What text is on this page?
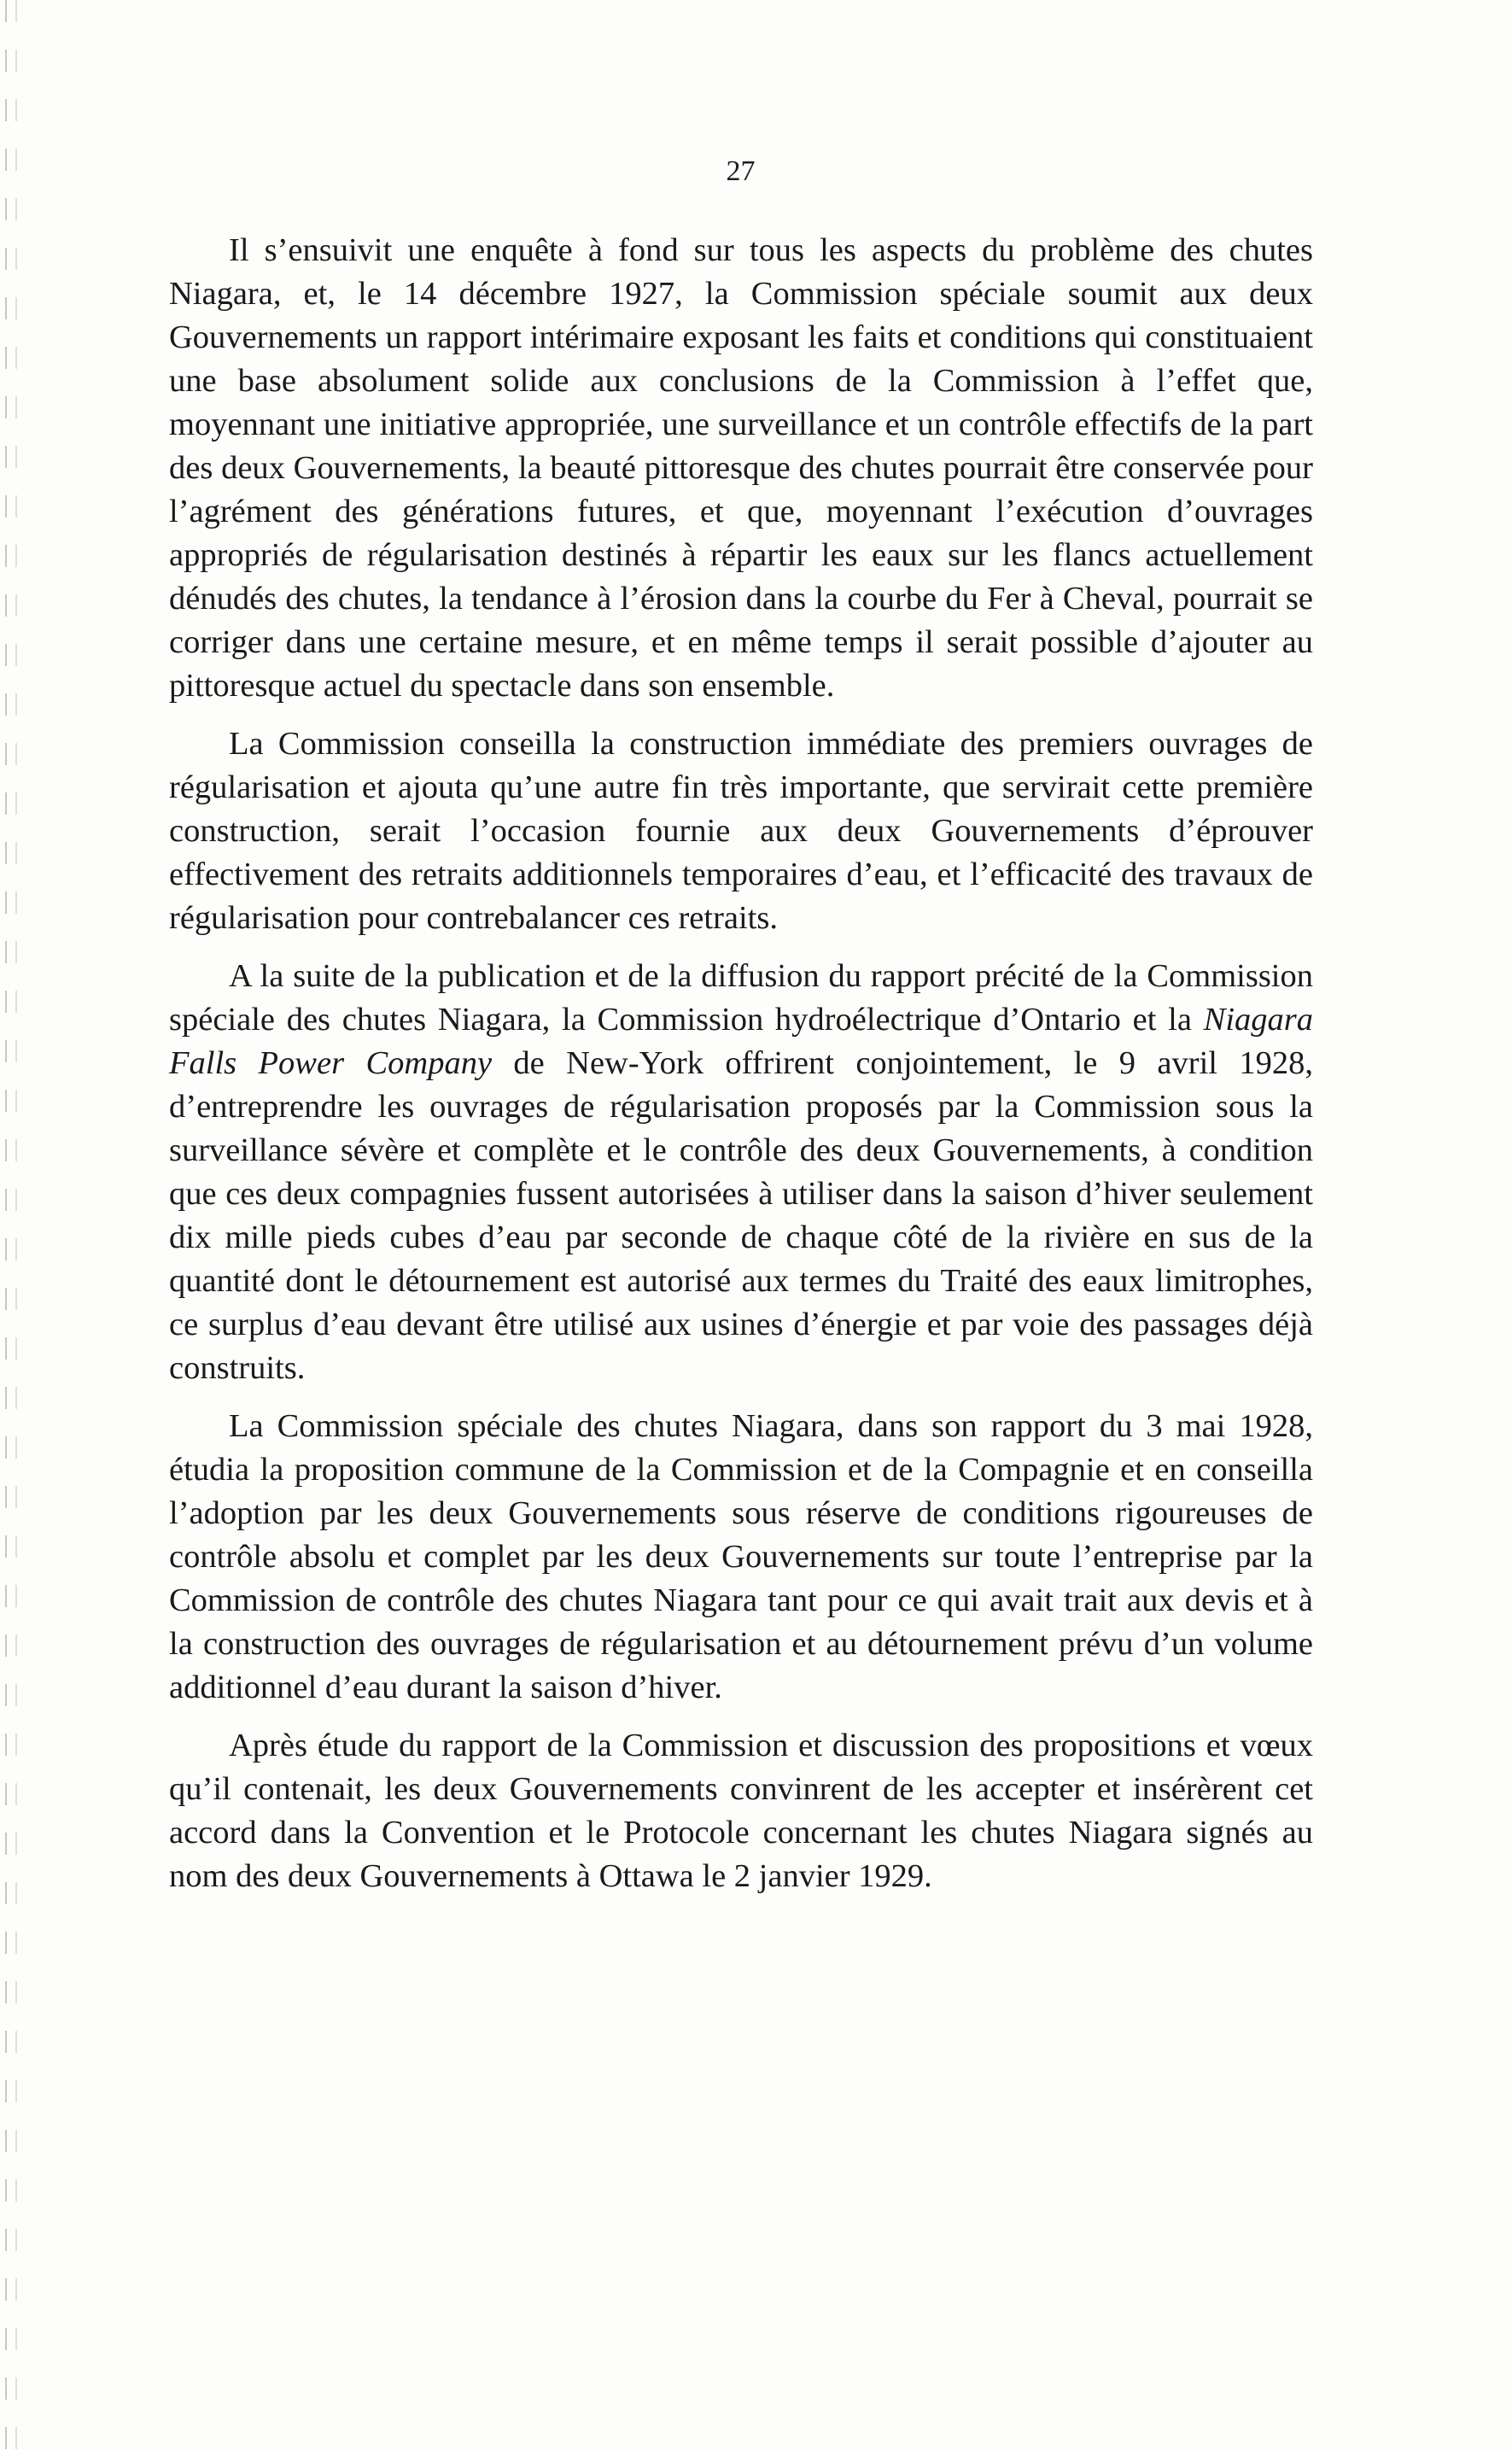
27

Il s’ensuivit une enquête à fond sur tous les aspects du problème des chutes Niagara, et, le 14 décembre 1927, la Commission spéciale soumit aux deux Gouvernements un rapport intérimaire exposant les faits et conditions qui constituaient une base absolument solide aux conclusions de la Commission à l’effet que, moyennant une initiative appropriée, une surveillance et un contrôle effectifs de la part des deux Gouvernements, la beauté pittoresque des chutes pourrait être conservée pour l’agrément des générations futures, et que, moyennant l’exécution d’ouvrages appropriés de régularisation destinés à répartir les eaux sur les flancs actuellement dénudés des chutes, la tendance à l’érosion dans la courbe du Fer à Cheval, pourrait se corriger dans une certaine mesure, et en même temps il serait possible d’ajouter au pittoresque actuel du spectacle dans son ensemble.

La Commission conseilla la construction immédiate des premiers ouvrages de régularisation et ajouta qu’une autre fin très importante, que servirait cette première construction, serait l’occasion fournie aux deux Gouvernements d’éprouver effectivement des retraits additionnels temporaires d’eau, et l’efficacité des travaux de régularisation pour contrebalancer ces retraits.

A la suite de la publication et de la diffusion du rapport précité de la Commission spéciale des chutes Niagara, la Commission hydroélectrique d’Ontario et la Niagara Falls Power Company de New-York offrirent conjointement, le 9 avril 1928, d’entreprendre les ouvrages de régularisation proposés par la Commission sous la surveillance sévère et complète et le contrôle des deux Gouvernements, à condition que ces deux compagnies fussent autorisées à utiliser dans la saison d’hiver seulement dix mille pieds cubes d’eau par seconde de chaque côté de la rivière en sus de la quantité dont le détournement est autorisé aux termes du Traité des eaux limitrophes, ce surplus d’eau devant être utilisé aux usines d’énergie et par voie des passages déjà construits.

La Commission spéciale des chutes Niagara, dans son rapport du 3 mai 1928, étudia la proposition commune de la Commission et de la Compagnie et en conseilla l’adoption par les deux Gouvernements sous réserve de conditions rigoureuses de contrôle absolu et complet par les deux Gouvernements sur toute l’entreprise par la Commission de contrôle des chutes Niagara tant pour ce qui avait trait aux devis et à la construction des ouvrages de régularisation et au détournement prévu d’un volume additionnel d’eau durant la saison d’hiver.

Après étude du rapport de la Commission et discussion des propositions et vœux qu’il contenait, les deux Gouvernements convinrent de les accepter et insérèrent cet accord dans la Convention et le Protocole concernant les chutes Niagara signés au nom des deux Gouvernements à Ottawa le 2 janvier 1929.
